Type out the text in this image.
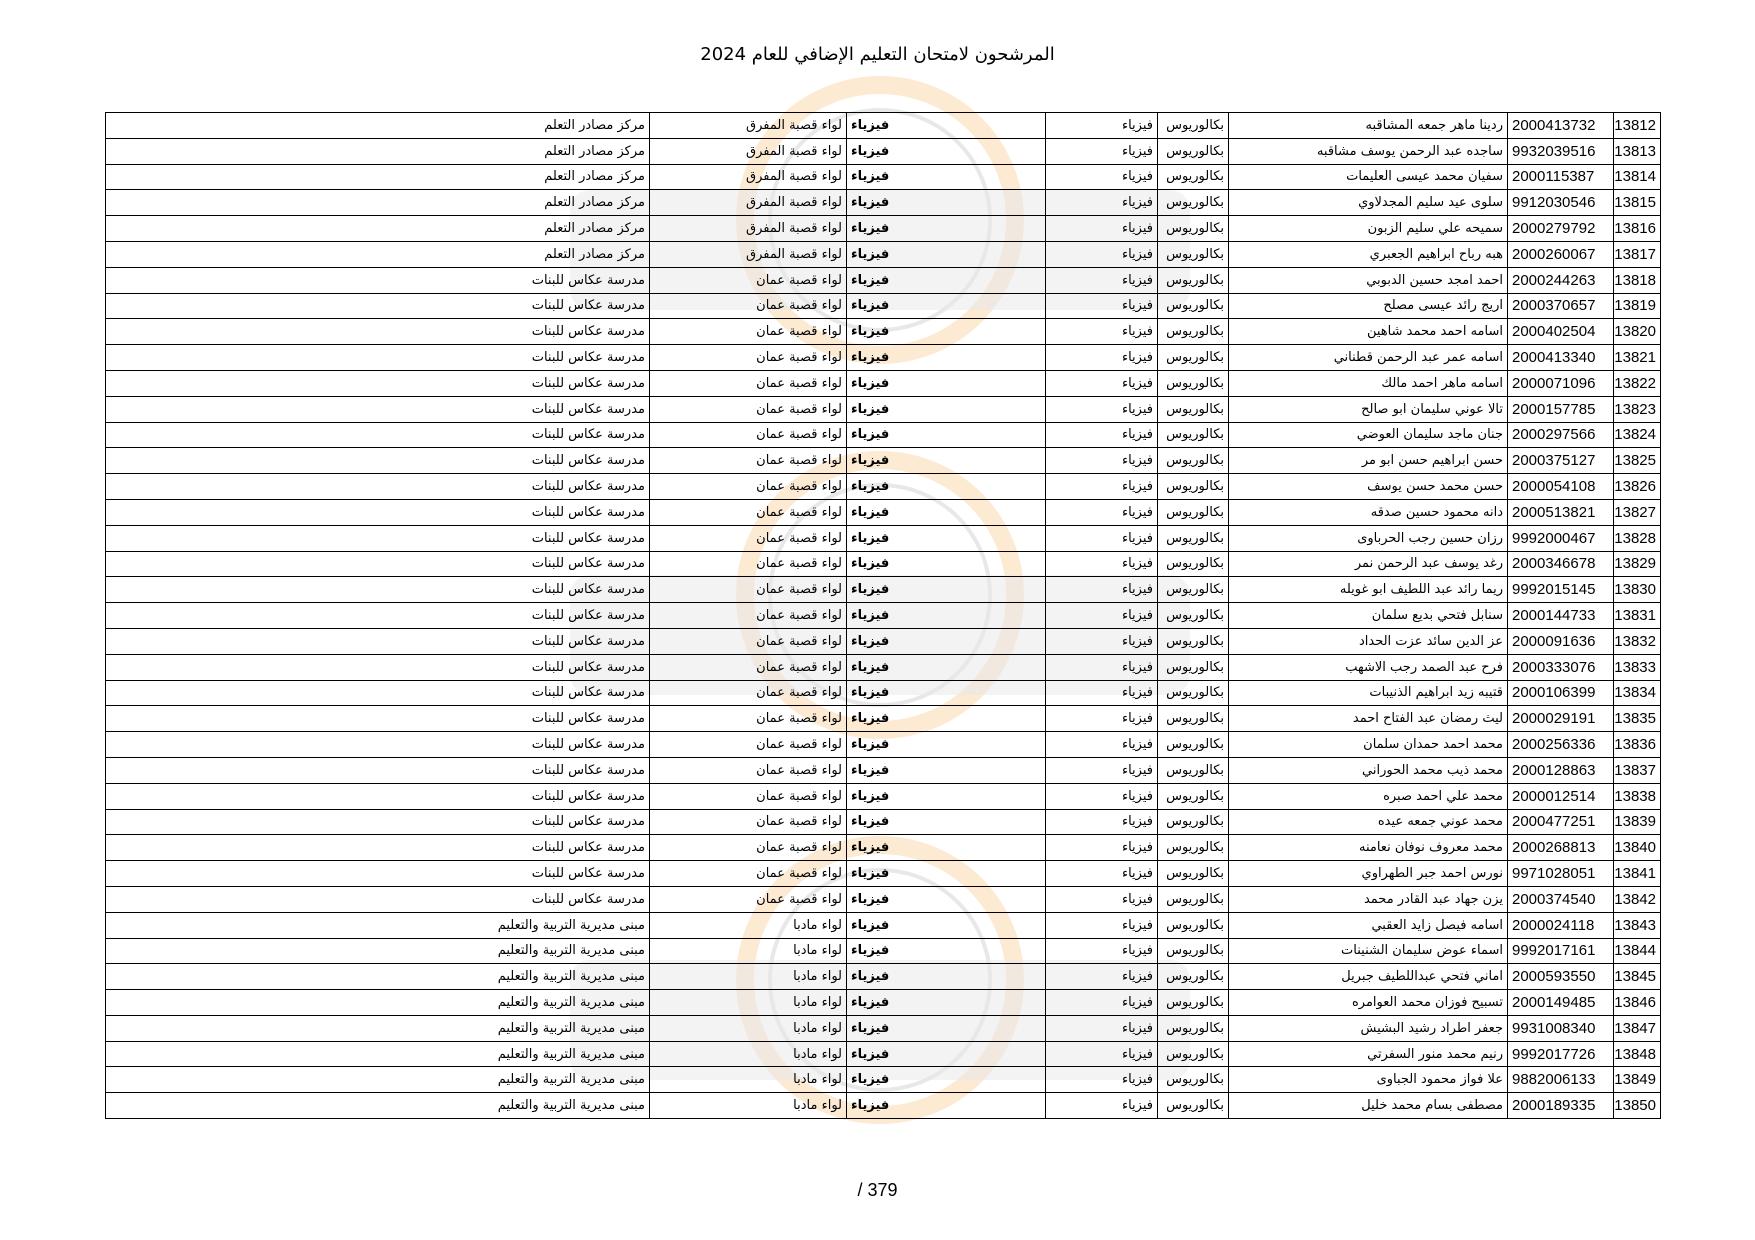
المرشحون لامتحان التعليم الإضافي للعام 2024
13812	2000413732	ردينا ماهر جمعه المشاقبه	بكالوريوس	فيزياء	فيزياء	لواء قصبة المفرق	مركز مصادر التعلم
13813	9932039516	ساجده عبد الرحمن يوسف مشاقبه	بكالوريوس	فيزياء	فيزياء	لواء قصبة المفرق	مركز مصادر التعلم
13814	2000115387	سفيان محمد عيسى العليمات	بكالوريوس	فيزياء	فيزياء	لواء قصبة المفرق	مركز مصادر التعلم
13815	9912030546	سلوى عيد سليم المجدلاوي	بكالوريوس	فيزياء	فيزياء	لواء قصبة المفرق	مركز مصادر التعلم
13816	2000279792	سميحه علي سليم الزبون	بكالوريوس	فيزياء	فيزياء	لواء قصبة المفرق	مركز مصادر التعلم
13817	2000260067	هبه رباح ابراهيم الجعبري	بكالوريوس	فيزياء	فيزياء	لواء قصبة المفرق	مركز مصادر التعلم
13818	2000244263	احمد امجد حسين الدبوبي	بكالوريوس	فيزياء	فيزياء	لواء قصبة عمان	مدرسة عكاس للبنات
13819	2000370657	اريج رائد عيسى مصلح	بكالوريوس	فيزياء	فيزياء	لواء قصبة عمان	مدرسة عكاس للبنات
13820	2000402504	اسامه احمد محمد شاهين	بكالوريوس	فيزياء	فيزياء	لواء قصبة عمان	مدرسة عكاس للبنات
13821	2000413340	اسامه عمر عبد الرحمن قطناني	بكالوريوس	فيزياء	فيزياء	لواء قصبة عمان	مدرسة عكاس للبنات
13822	2000071096	اسامه ماهر احمد مالك	بكالوريوس	فيزياء	فيزياء	لواء قصبة عمان	مدرسة عكاس للبنات
13823	2000157785	تالا عوني سليمان ابو صالح	بكالوريوس	فيزياء	فيزياء	لواء قصبة عمان	مدرسة عكاس للبنات
13824	2000297566	جنان ماجد سليمان العوضي	بكالوريوس	فيزياء	فيزياء	لواء قصبة عمان	مدرسة عكاس للبنات
13825	2000375127	حسن ابراهيم حسن ابو مر	بكالوريوس	فيزياء	فيزياء	لواء قصبة عمان	مدرسة عكاس للبنات
13826	2000054108	حسن محمد حسن يوسف	بكالوريوس	فيزياء	فيزياء	لواء قصبة عمان	مدرسة عكاس للبنات
13827	2000513821	دانه محمود حسين صدقه	بكالوريوس	فيزياء	فيزياء	لواء قصبة عمان	مدرسة عكاس للبنات
13828	9992000467	رزان حسين رجب الحرباوى	بكالوريوس	فيزياء	فيزياء	لواء قصبة عمان	مدرسة عكاس للبنات
13829	2000346678	رغد يوسف عبد الرحمن نمر	بكالوريوس	فيزياء	فيزياء	لواء قصبة عمان	مدرسة عكاس للبنات
13830	9992015145	ريما رائد عبد اللطيف ابو غويله	بكالوريوس	فيزياء	فيزياء	لواء قصبة عمان	مدرسة عكاس للبنات
13831	2000144733	سنابل فتحي بديع سلمان	بكالوريوس	فيزياء	فيزياء	لواء قصبة عمان	مدرسة عكاس للبنات
13832	2000091636	عز الدين سائد عزت الحداد	بكالوريوس	فيزياء	فيزياء	لواء قصبة عمان	مدرسة عكاس للبنات
13833	2000333076	فرح عبد الصمد رجب الاشهب	بكالوريوس	فيزياء	فيزياء	لواء قصبة عمان	مدرسة عكاس للبنات
13834	2000106399	قتيبه زيد ابراهيم الذنيبات	بكالوريوس	فيزياء	فيزياء	لواء قصبة عمان	مدرسة عكاس للبنات
13835	2000029191	ليث رمضان عبد الفتاح احمد	بكالوريوس	فيزياء	فيزياء	لواء قصبة عمان	مدرسة عكاس للبنات
13836	2000256336	محمد احمد حمدان سلمان	بكالوريوس	فيزياء	فيزياء	لواء قصبة عمان	مدرسة عكاس للبنات
13837	2000128863	محمد ذيب محمد الحوراني	بكالوريوس	فيزياء	فيزياء	لواء قصبة عمان	مدرسة عكاس للبنات
13838	2000012514	محمد علي احمد صبره	بكالوريوس	فيزياء	فيزياء	لواء قصبة عمان	مدرسة عكاس للبنات
13839	2000477251	محمد عوني جمعه عيده	بكالوريوس	فيزياء	فيزياء	لواء قصبة عمان	مدرسة عكاس للبنات
13840	2000268813	محمد معروف نوفان نعامنه	بكالوريوس	فيزياء	فيزياء	لواء قصبة عمان	مدرسة عكاس للبنات
13841	9971028051	نورس احمد جبر الطهراوي	بكالوريوس	فيزياء	فيزياء	لواء قصبة عمان	مدرسة عكاس للبنات
13842	2000374540	يزن جهاد عبد القادر محمد	بكالوريوس	فيزياء	فيزياء	لواء قصبة عمان	مدرسة عكاس للبنات
13843	2000024118	اسامه فيصل زايد العقبي	بكالوريوس	فيزياء	فيزياء	لواء مادبا	مبنى مديرية التربية والتعليم
13844	9992017161	اسماء عوض سليمان الشنينات	بكالوريوس	فيزياء	فيزياء	لواء مادبا	مبنى مديرية التربية والتعليم
13845	2000593550	اماني فتحي عبداللطيف جبريل	بكالوريوس	فيزياء	فيزياء	لواء مادبا	مبنى مديرية التربية والتعليم
13846	2000149485	تسبيح فوزان محمد العوامره	بكالوريوس	فيزياء	فيزياء	لواء مادبا	مبنى مديرية التربية والتعليم
13847	9931008340	جعفر اطراد رشيد البشيش	بكالوريوس	فيزياء	فيزياء	لواء مادبا	مبنى مديرية التربية والتعليم
13848	9992017726	رنيم محمد منور السفرتي	بكالوريوس	فيزياء	فيزياء	لواء مادبا	مبنى مديرية التربية والتعليم
13849	9882006133	علا فواز محمود الجباوى	بكالوريوس	فيزياء	فيزياء	لواء مادبا	مبنى مديرية التربية والتعليم
13850	2000189335	مصطفى بسام محمد خليل	بكالوريوس	فيزياء	فيزياء	لواء مادبا	مبنى مديرية التربية والتعليم
/ 379
